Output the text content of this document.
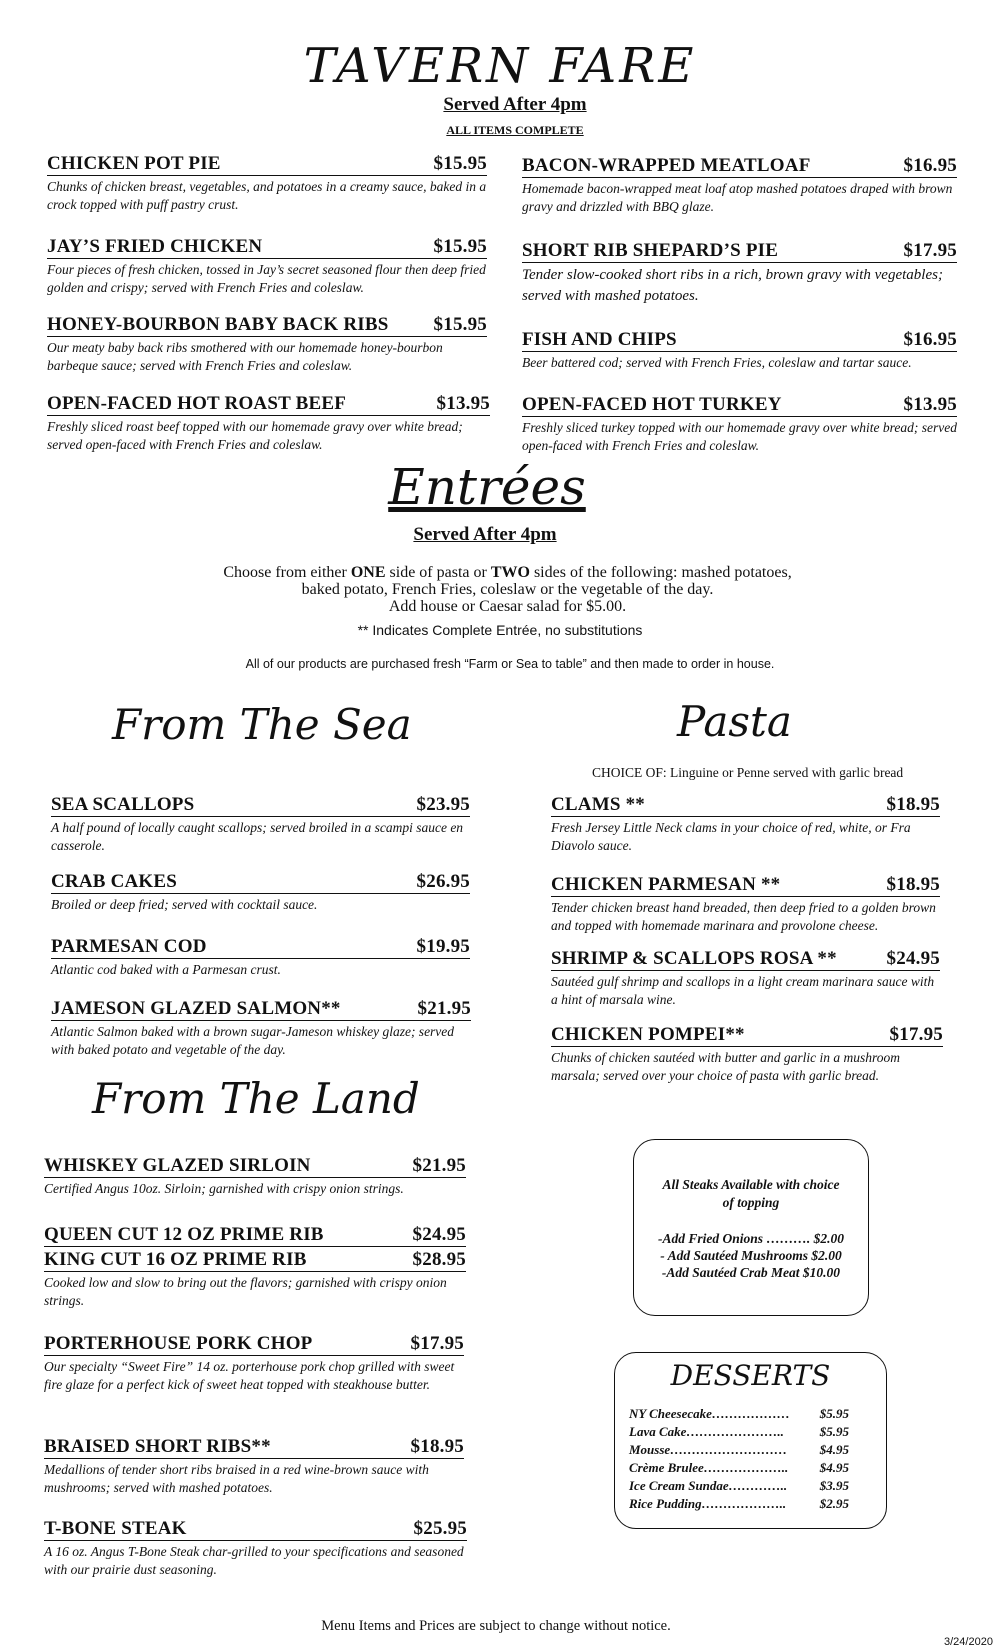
TAVERN FARE
Served After 4pm
ALL ITEMS COMPLETE
CHICKEN POT PIE	$15.95
Chunks of chicken breast, vegetables, and potatoes in a creamy sauce, baked in a crock topped with puff pastry crust.
JAY’S FRIED CHICKEN	$15.95
Four pieces of fresh chicken, tossed in Jay’s secret seasoned flour then deep fried golden and crispy; served with French Fries and coleslaw.
HONEY-BOURBON BABY BACK RIBS $15.95
Our meaty baby back ribs smothered with our homemade honey-bourbon barbeque sauce; served with French Fries and coleslaw.
OPEN-FACED HOT ROAST BEEF	$13.95
Freshly sliced roast beef topped with our homemade gravy over white bread; served open-faced with French Fries and coleslaw.
BACON-WRAPPED MEATLOAF	$16.95
Homemade bacon-wrapped meat loaf atop mashed potatoes draped with brown gravy and drizzled with BBQ glaze.
SHORT RIB SHEPARD’S PIE	$17.95
Tender slow-cooked short ribs in a rich, brown gravy with vegetables; served with mashed potatoes.
FISH AND CHIPS	$16.95
Beer battered cod; served with French Fries, coleslaw and tartar sauce.
OPEN-FACED HOT TURKEY	$13.95
Freshly sliced turkey topped with our homemade gravy over white bread; served open-faced with French Fries and coleslaw.
Entrées
Served After 4pm
Choose from either ONE side of pasta or TWO sides of the following: mashed potatoes,
baked potato, French Fries, coleslaw or the vegetable of the day.
Add house or Caesar salad for $5.00.
** Indicates Complete Entrée, no substitutions
All of our products are purchased fresh “Farm or Sea to table” and then made to order in house.
From The Sea
SEA SCALLOPS	$23.95
A half pound of locally caught scallops; served broiled in a scampi sauce en casserole.
CRAB CAKES	$26.95
Broiled or deep fried; served with cocktail sauce.
PARMESAN COD	$19.95
Atlantic cod baked with a Parmesan crust.
JAMESON GLAZED SALMON**	$21.95
Atlantic Salmon baked with a brown sugar-Jameson whiskey glaze; served with baked potato and vegetable of the day.
Pasta
CHOICE OF: Linguine or Penne served with garlic bread
CLAMS **	$18.95
Fresh Jersey Little Neck clams in your choice of red, white, or Fra Diavolo sauce.
CHICKEN PARMESAN **	$18.95
Tender chicken breast hand breaded, then deep fried to a golden brown and topped with homemade marinara and provolone cheese.
SHRIMP & SCALLOPS ROSA **	$24.95
Sautéed gulf shrimp and scallops in a light cream marinara sauce with a hint of marsala wine.
CHICKEN POMPEI**	$17.95
Chunks of chicken sautéed with butter and garlic in a mushroom marsala; served over your choice of pasta with garlic bread.
From The Land
WHISKEY GLAZED SIRLOIN	$21.95
Certified Angus 10oz. Sirloin; garnished with crispy onion strings.
QUEEN CUT 12 OZ PRIME RIB	$24.95
KING CUT 16 OZ PRIME RIB	$28.95
Cooked low and slow to bring out the flavors; garnished with crispy onion strings.
PORTERHOUSE PORK CHOP	$17.95
Our specialty “Sweet Fire” 14 oz. porterhouse pork chop grilled with sweet fire glaze for a perfect kick of sweet heat topped with steakhouse butter.
BRAISED SHORT RIBS**	$18.95
Medallions of tender short ribs braised in a red wine-brown sauce with mushrooms; served with mashed potatoes.
T-BONE STEAK	$25.95
A 16 oz. Angus T-Bone Steak char-grilled to your specifications and seasoned with our prairie dust seasoning.
All Steaks Available with choice
of topping
-Add Fried Onions ………. $2.00
- Add Sautéed Mushrooms $2.00
-Add Sautéed Crab Meat $10.00
DESSERTS
NY Cheesecake……………… $5.95
Lava Cake…………………..	$5.95
Mousse………………………	$4.95
Crème Brulee……………….. $4.95
Ice Cream Sundae…………..	$3.95
Rice Pudding………………..	$2.95
Menu Items and Prices are subject to change without notice.
3/24/2020
